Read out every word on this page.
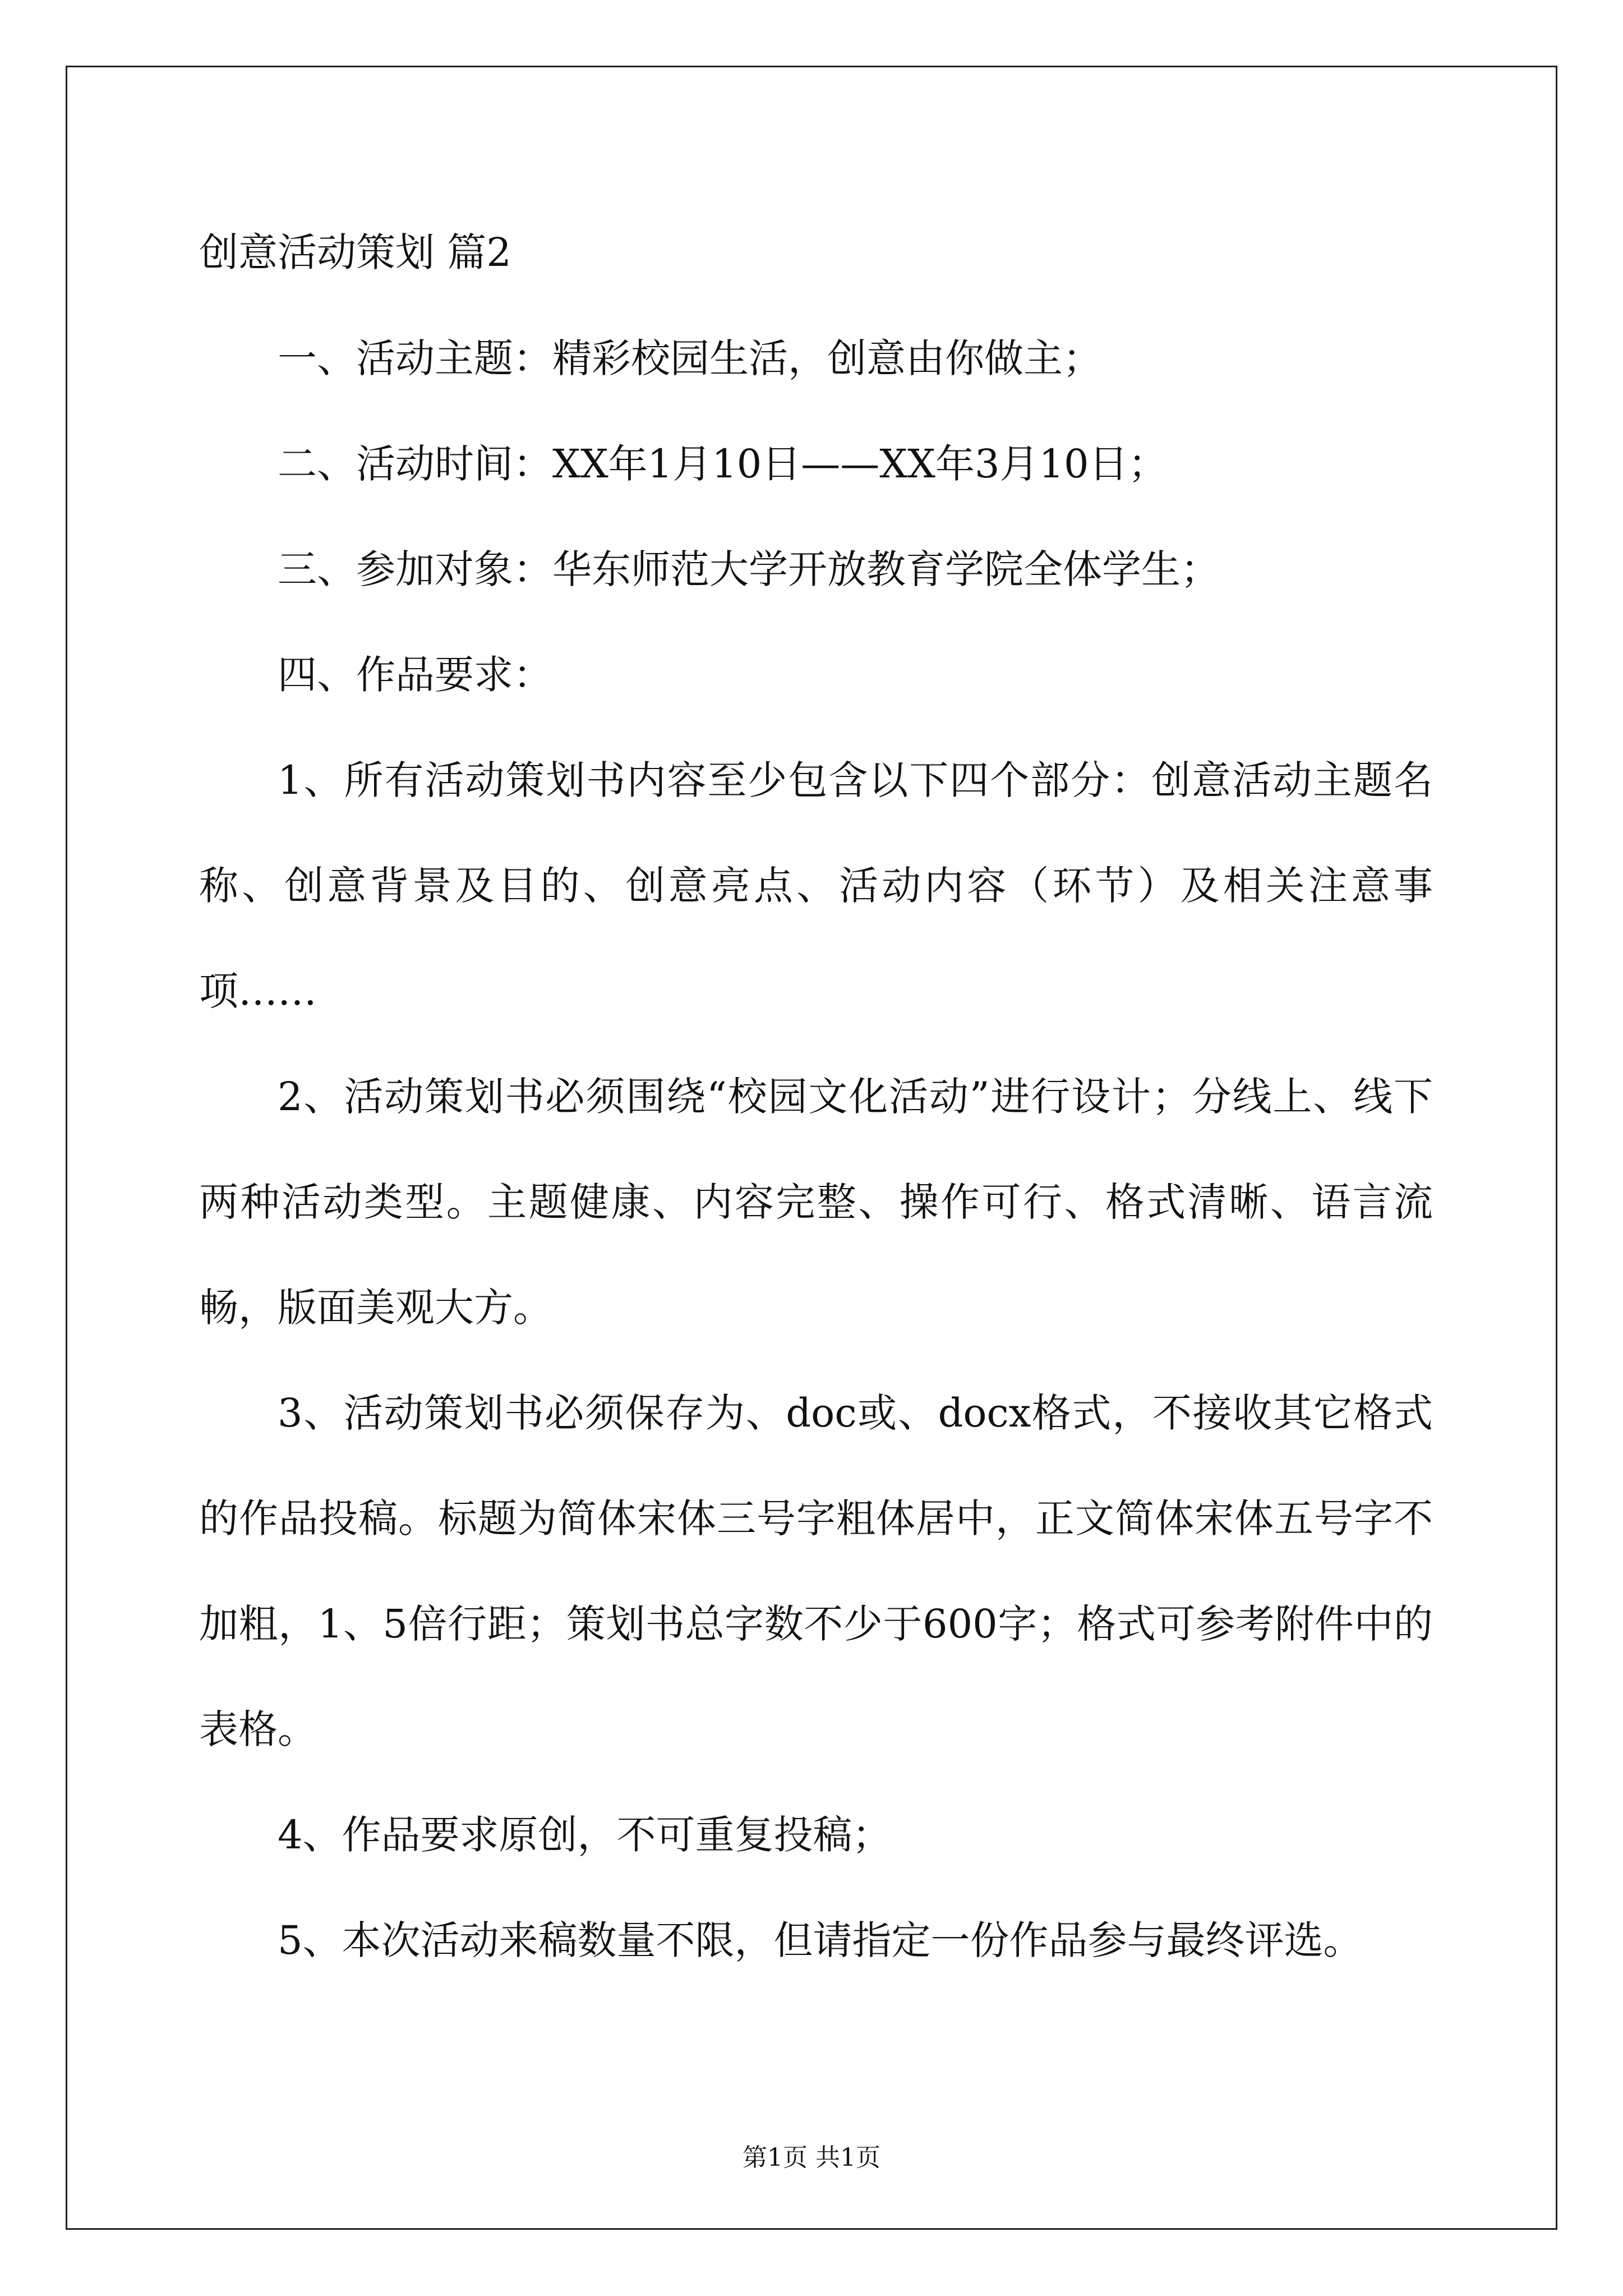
创意活动策划 篇2
一、活动主题：精彩校园生活，创意由你做主；
二、活动时间：XX年1月10日——XX年3月10日；
三、参加对象：华东师范大学开放教育学院全体学生；
四、作品要求：
1、所有活动策划书内容至少包含以下四个部分：创意活动主题名称、创意背景及目的、创意亮点、活动内容（环节）及相关注意事项……
2、活动策划书必须围绕“校园文化活动”进行设计；分线上、线下两种活动类型。主题健康、内容完整、操作可行、格式清晰、语言流畅，版面美观大方。
3、活动策划书必须保存为、doc或、docx格式，不接收其它格式的作品投稿。标题为简体宋体三号字粗体居中，正文简体宋体五号字不加粗，1、5倍行距；策划书总字数不少于600字；格式可参考附件中的表格。
4、作品要求原创，不可重复投稿；
5、本次活动来稿数量不限，但请指定一份作品参与最终评选。
第1页 共1页
